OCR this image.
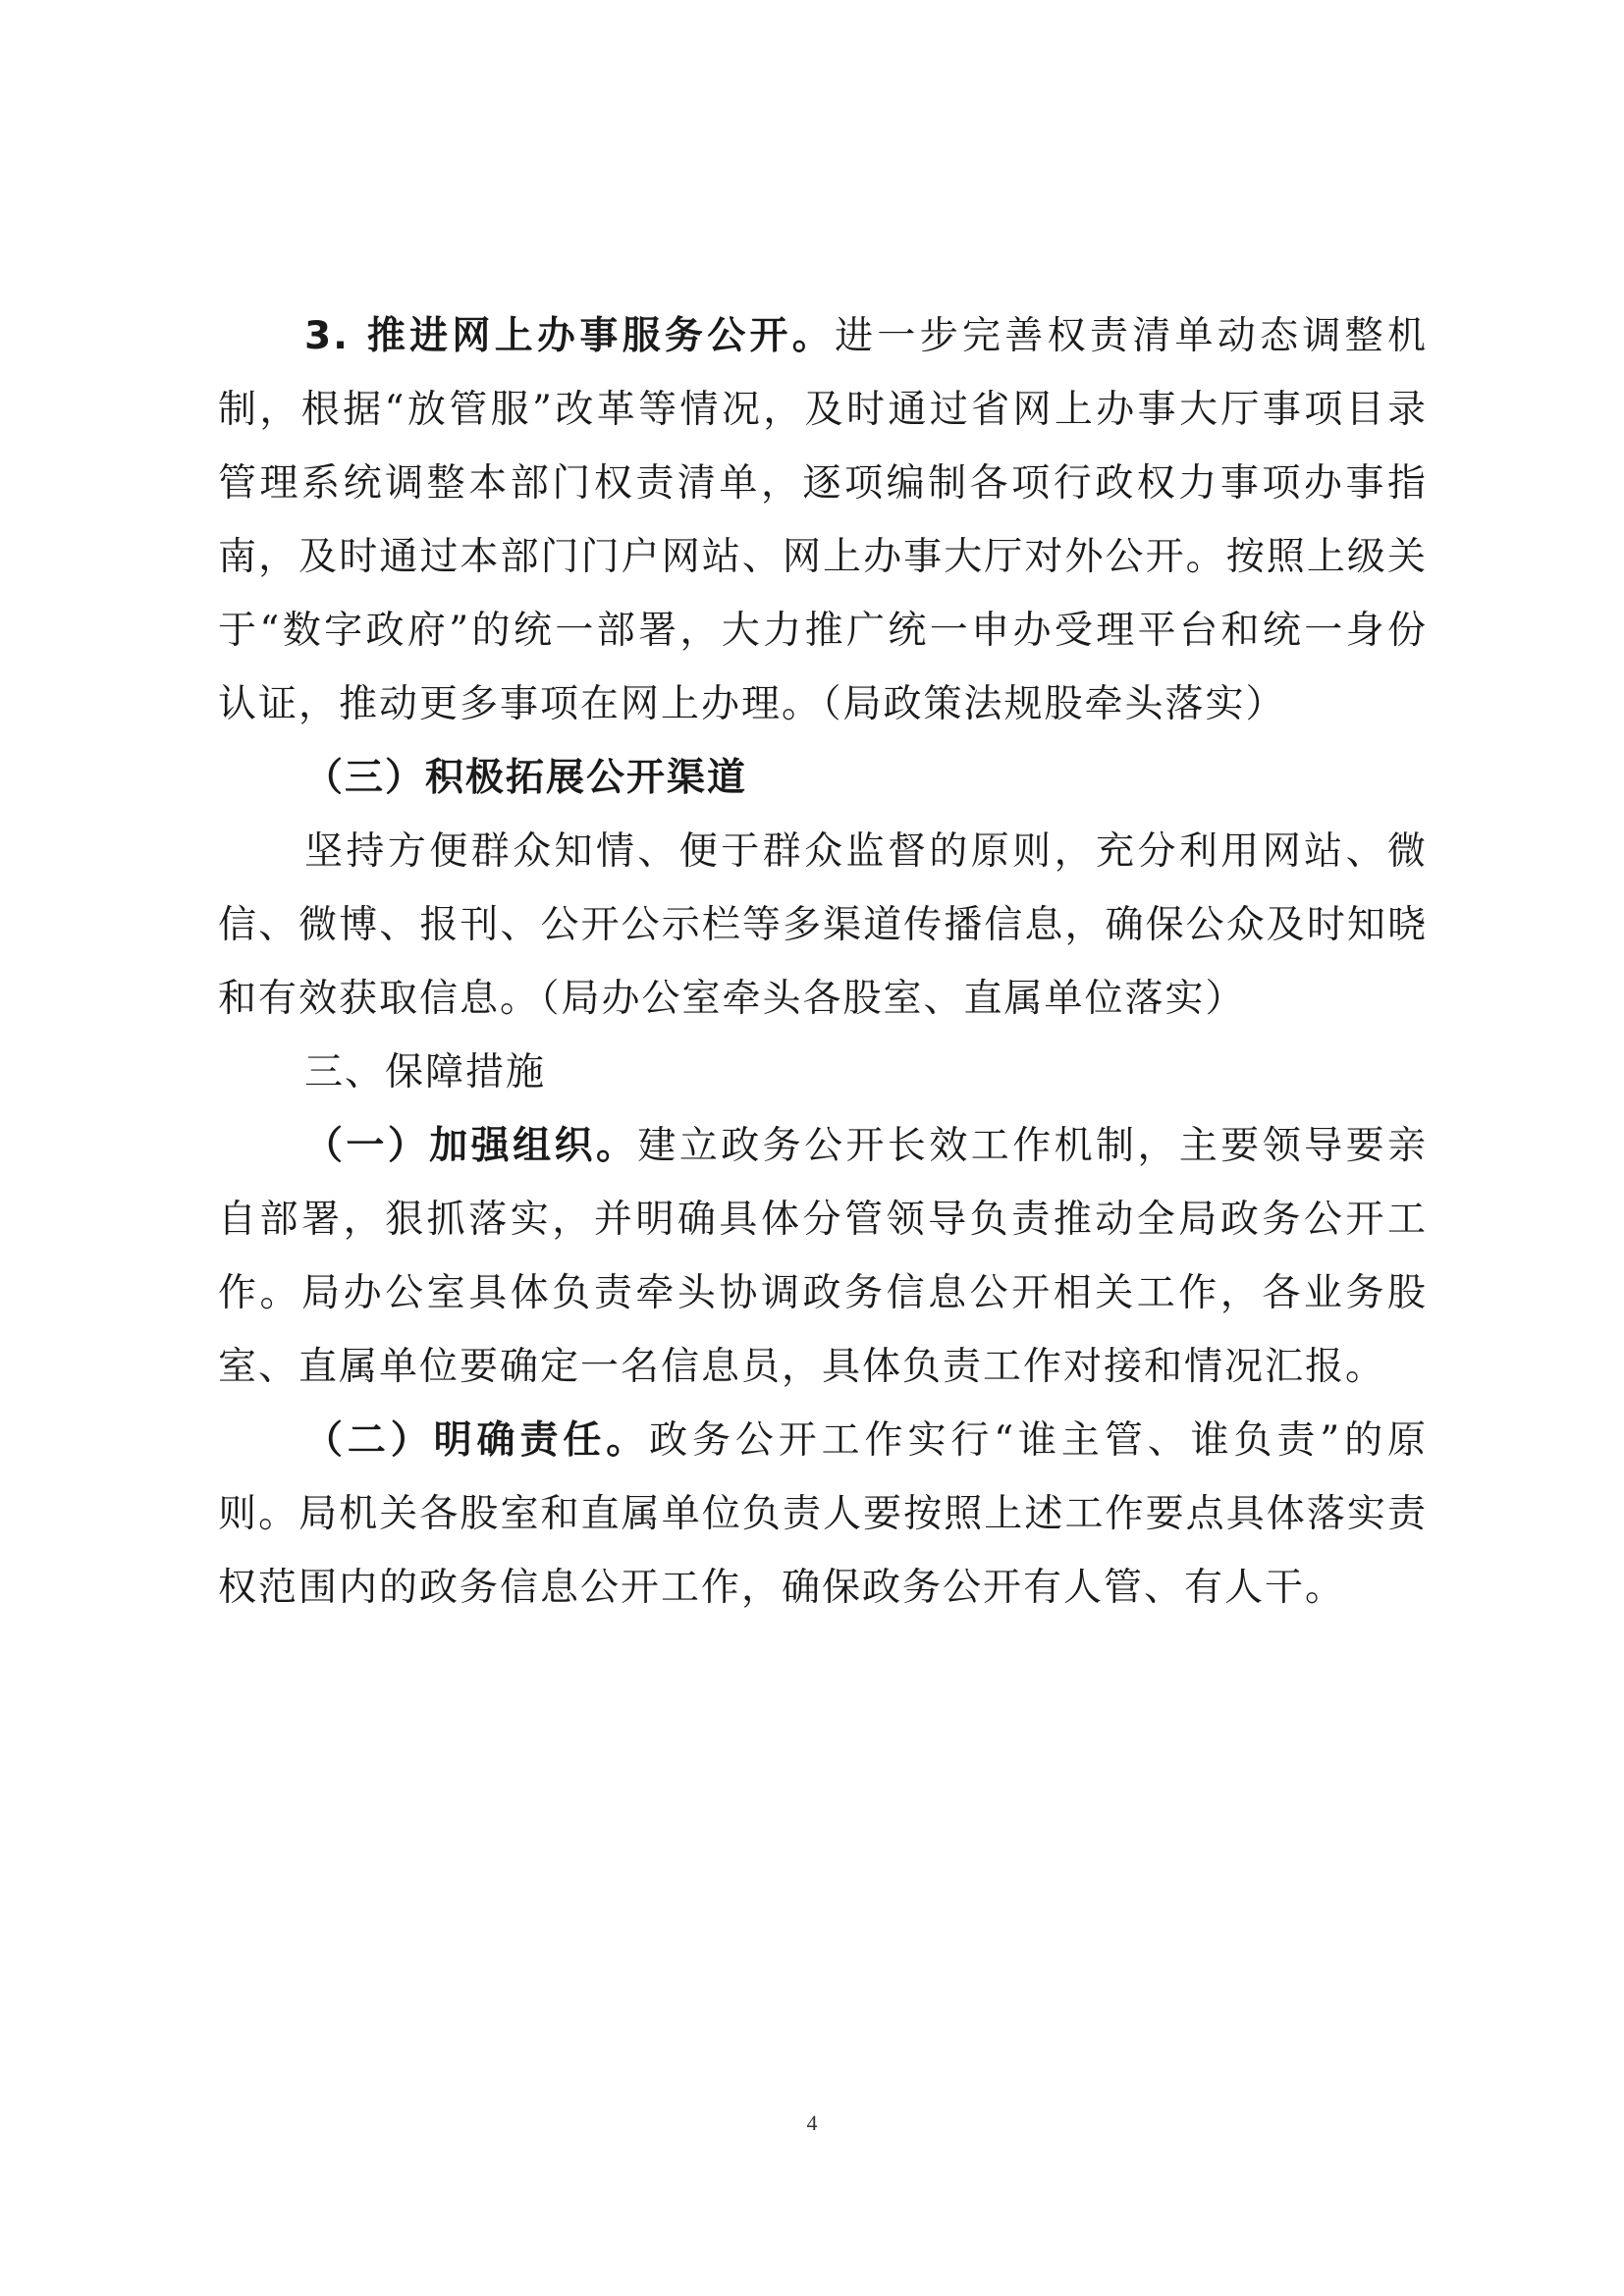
3. 推进网上办事服务公开。进一步完善权责清单动态调整机制，根据“放管服”改革等情况，及时通过省网上办事大厅事项目录管理系统调整本部门权责清单，逐项编制各项行政权力事项办事指南，及时通过本部门门户网站、网上办事大厅对外公开。按照上级关于“数字政府”的统一部署，大力推广统一申办受理平台和统一身份认证，推动更多事项在网上办理。（局政策法规股牵头落实）

（三）积极拓展公开渠道

坚持方便群众知情、便于群众监督的原则，充分利用网站、微信、微博、报刊、公开公示栏等多渠道传播信息，确保公众及时知晓和有效获取信息。（局办公室牵头各股室、直属单位落实）

三、保障措施

（一）加强组织。建立政务公开长效工作机制，主要领导要亲自部署，狠抓落实，并明确具体分管领导负责推动全局政务公开工作。局办公室具体负责牵头协调政务信息公开相关工作，各业务股室、直属单位要确定一名信息员，具体负责工作对接和情况汇报。

（二）明确责任。政务公开工作实行“谁主管、谁负责”的原则。局机关各股室和直属单位负责人要按照上述工作要点具体落实责权范围内的政务信息公开工作，确保政务公开有人管、有人干。

4
